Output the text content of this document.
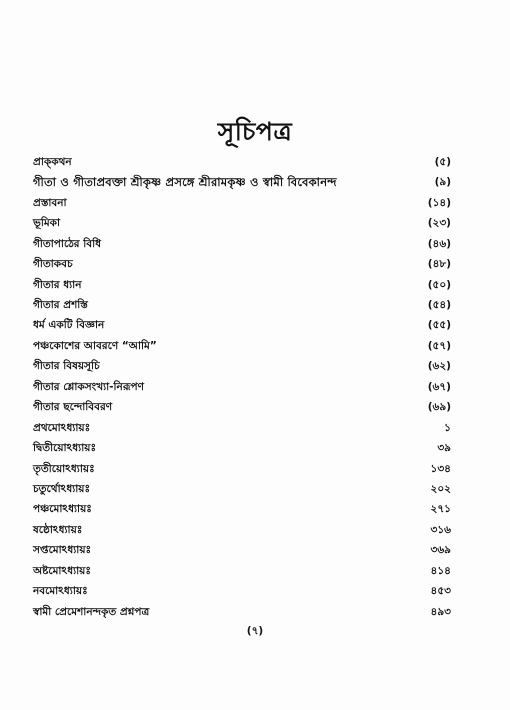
সূচিপত্র
প্রাক্‌কথন	(৫)
গীতা ও গীতাপ্রবক্তা শ্রীকৃষ্ণ প্রসঙ্গে শ্রীরামকৃষ্ণ ও স্বামী বিবেকানন্দ	(৯)
প্রস্তাবনা	(১৪)
ভূমিকা	(২৩)
গীতাপাঠের বিধি	(৪৬)
গীতাকবচ	(৪৮)
গীতার ধ্যান	(৫০)
গীতার প্রশস্তি	(৫৪)
ধর্ম একটি বিজ্ঞান	(৫৫)
পঞ্চকোশের আবরণে “আমি”	(৫৭)
গীতার বিষয়সূচি	(৬২)
গীতার শ্লোকসংখ্যা-নিরূপণ	(৬৭)
গীতার ছন্দোবিবরণ	(৬৯)
প্রথমোঽধ্যায়ঃ	১
দ্বিতীয়োঽধ্যায়ঃ	৩৯
তৃতীয়োঽধ্যায়ঃ	১৩৪
চতুর্থোঽধ্যায়ঃ	২০২
পঞ্চমোঽধ্যায়ঃ	২৭১
ষষ্ঠোঽধ্যায়ঃ	৩১৬
সপ্তমোঽধ্যায়ঃ	৩৬৯
অষ্টমোঽধ্যায়ঃ	৪১৪
নবমোঽধ্যায়ঃ	৪৫৩
স্বামী প্রেমেশানন্দকৃত প্রশ্নপত্র	৪৯৩
(৭)
